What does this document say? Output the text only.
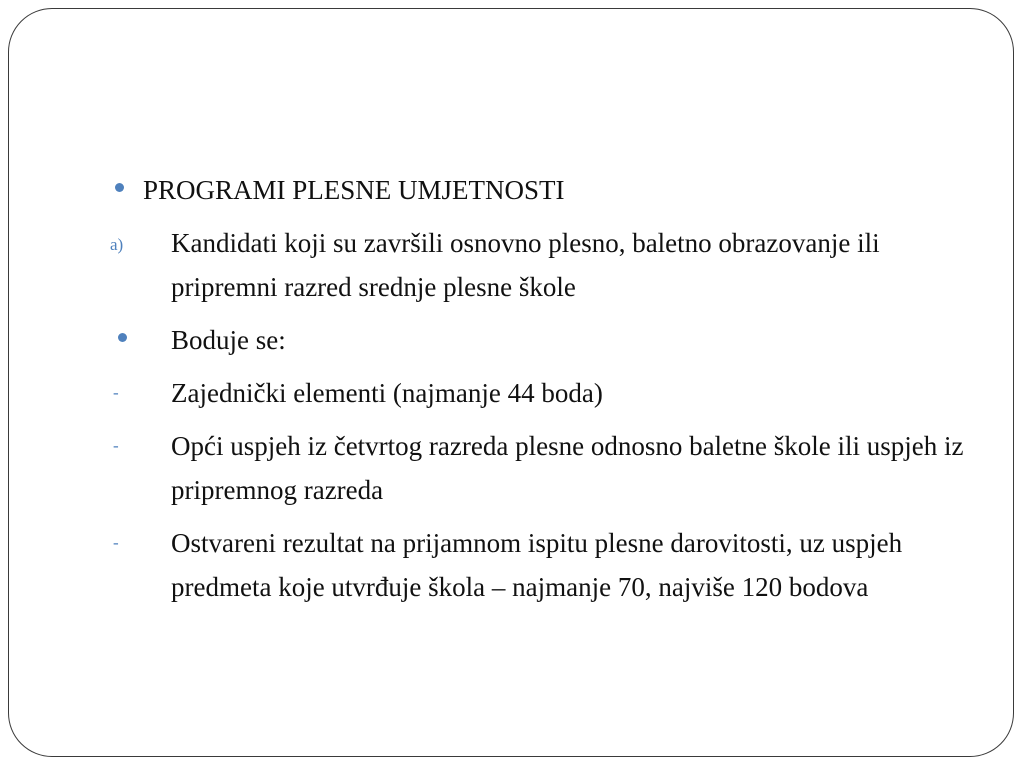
PROGRAMI PLESNE UMJETNOSTI
a)	Kandidati koji su završili osnovno plesno, baletno obrazovanje ili pripremni razred srednje plesne škole
Boduje se:
-	Zajednički elementi (najmanje 44 boda)
-	Opći uspjeh iz četvrtog razreda plesne odnosno baletne škole ili uspjeh iz pripremnog razreda
-	Ostvareni rezultat na prijamnom ispitu plesne darovitosti, uz uspjeh predmeta koje utvrđuje škola – najmanje 70, najviše 120 bodova
